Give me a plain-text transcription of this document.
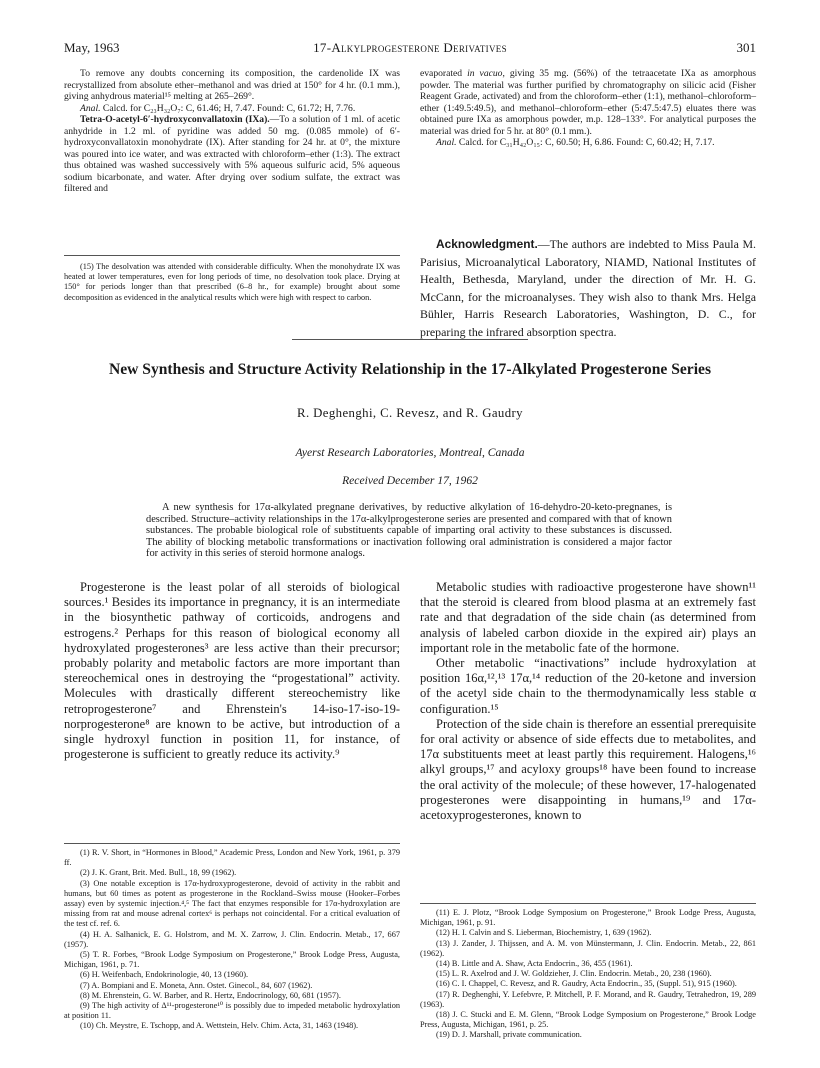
May, 1963	17-Alkylprogesterone Derivatives	301

To remove any doubts concerning its composition, the cardenolide IX was recrystallized from absolute ether–methanol and was dried at 150° for 4 hr. (0.1 mm.), giving anhydrous material¹⁵ melting at 265–269°.

Anal. Calcd. for C₂₃H₃₂O₇: C, 61.46; H, 7.47. Found: C, 61.72; H, 7.76.

Tetra-O-acetyl-6′-hydroxyconvallatoxin (IXa).—To a solution of 1 ml. of acetic anhydride in 1.2 ml. of pyridine was added 50 mg. (0.085 mmole) of 6′-hydroxyconvallatoxin monohydrate (IX). After standing for 24 hr. at 0°, the mixture was poured into ice water, and was extracted with chloroform–ether (1:3). The extract thus obtained was washed successively with 5% aqueous sulfuric acid, 5% aqueous sodium bicarbonate, and water. After drying over sodium sulfate, the extract was filtered and

(15) The desolvation was attended with considerable difficulty. When the monohydrate IX was heated at lower temperatures, even for long periods of time, no desolvation took place. Drying at 150° for periods longer than that prescribed (6–8 hr., for example) brought about some decomposition as evidenced in the analytical results which were high with respect to carbon.

evaporated in vacuo, giving 35 mg. (56%) of the tetraacetate IXa as amorphous powder. The material was further purified by chromatography on silicic acid (Fisher Reagent Grade, activated) and from the chloroform–ether (1:1), methanol–chloroform–ether (1:49.5:49.5), and methanol–chloroform–ether (5:47.5:47.5) eluates there was obtained pure IXa as amorphous powder, m.p. 128–133°. For analytical purposes the material was dried for 5 hr. at 80° (0.1 mm.).

Anal. Calcd. for C₃₁H₄₂O₁₅: C, 60.50; H, 6.86. Found: C, 60.42; H, 7.17.

Acknowledgment.—The authors are indebted to Miss Paula M. Parisius, Microanalytical Laboratory, NIAMD, National Institutes of Health, Bethesda, Maryland, under the direction of Mr. H. G. McCann, for the microanalyses. They wish also to thank Mrs. Helga Bühler, Harris Research Laboratories, Washington, D. C., for preparing the infrared absorption spectra.

New Synthesis and Structure Activity Relationship in the 17-Alkylated Progesterone Series
R. Deghenghi, C. Revesz, and R. Gaudry
Ayerst Research Laboratories, Montreal, Canada
Received December 17, 1962
A new synthesis for 17α-alkylated pregnane derivatives, by reductive alkylation of 16-dehydro-20-keto-pregnanes, is described. Structure–activity relationships in the 17α-alkylprogesterone series are presented and compared with that of known substances. The probable biological role of substituents capable of imparting oral activity to these substances is discussed. The ability of blocking metabolic transformations or inactivation following oral administration is considered a major factor for activity in this series of steroid hormone analogs.

Progesterone is the least polar of all steroids of biological sources.¹ Besides its importance in pregnancy, it is an intermediate in the biosynthetic pathway of corticoids, androgens and estrogens.² Perhaps for this reason of biological economy all hydroxylated progesterones³ are less active than their precursor; probably polarity and metabolic factors are more important than stereochemical ones in destroying the “progestational” activity. Molecules with drastically different stereochemistry like retroprogesterone⁷ and Ehrenstein's 14-iso-17-iso-19-norprogesterone⁸ are known to be active, but introduction of a single hydroxyl function in position 11, for instance, of progesterone is sufficient to greatly reduce its activity.⁹

(1) R. V. Short, in “Hormones in Blood,” Academic Press, London and New York, 1961, p. 379 ff.

(2) J. K. Grant, Brit. Med. Bull., 18, 99 (1962).

(3) One notable exception is 17α-hydroxyprogesterone, devoid of activity in the rabbit and humans, but 60 times as potent as progesterone in the Rockland–Swiss mouse (Hooker–Forbes assay) even by systemic injection.⁴,⁵ The fact that enzymes responsible for 17α-hydroxylation are missing from rat and mouse adrenal cortex⁶ is perhaps not coincidental. For a critical evaluation of the test cf. ref. 6.

(4) H. A. Salhanick, E. G. Holstrom, and M. X. Zarrow, J. Clin. Endocrin. Metab., 17, 667 (1957).

(5) T. R. Forbes, “Brook Lodge Symposium on Progesterone,” Brook Lodge Press, Augusta, Michigan, 1961, p. 71.

(6) H. Weifenbach, Endokrinologie, 40, 13 (1960).

(7) A. Bompiani and E. Moneta, Ann. Ostet. Ginecol., 84, 607 (1962).

(8) M. Ehrenstein, G. W. Barber, and R. Hertz, Endocrinology, 60, 681 (1957).

(9) The high activity of Δ¹¹-progesterone¹⁰ is possibly due to impeded metabolic hydroxylation at position 11.

(10) Ch. Meystre, E. Tschopp, and A. Wettstein, Helv. Chim. Acta, 31, 1463 (1948).

Metabolic studies with radioactive progesterone have shown¹¹ that the steroid is cleared from blood plasma at an extremely fast rate and that degradation of the side chain (as determined from analysis of labeled carbon dioxide in the expired air) plays an important role in the metabolic fate of the hormone.

Other metabolic “inactivations” include hydroxylation at position 16α,¹²,¹³ 17α,¹⁴ reduction of the 20-ketone and inversion of the acetyl side chain to the thermodynamically less stable α configuration.¹⁵

Protection of the side chain is therefore an essential prerequisite for oral activity or absence of side effects due to metabolites, and 17α substituents meet at least partly this requirement. Halogens,¹⁶ alkyl groups,¹⁷ and acyloxy groups¹⁸ have been found to increase the oral activity of the molecule; of these however, 17-halogenated progesterones were disappointing in humans,¹⁹ and 17α-acetoxyprogesterones, known to

(11) E. J. Plotz, “Brook Lodge Symposium on Progesterone,” Brook Lodge Press, Augusta, Michigan, 1961, p. 91.

(12) H. I. Calvin and S. Lieberman, Biochemistry, 1, 639 (1962).

(13) J. Zander, J. Thijssen, and A. M. von Münstermann, J. Clin. Endocrin. Metab., 22, 861 (1962).

(14) B. Little and A. Shaw, Acta Endocrin., 36, 455 (1961).

(15) L. R. Axelrod and J. W. Goldzieher, J. Clin. Endocrin. Metab., 20, 238 (1960).

(16) C. I. Chappel, C. Revesz, and R. Gaudry, Acta Endocrin., 35, (Suppl. 51), 915 (1960).

(17) R. Deghenghi, Y. Lefebvre, P. Mitchell, P. F. Morand, and R. Gaudry, Tetrahedron, 19, 289 (1963).

(18) J. C. Stucki and E. M. Glenn, “Brook Lodge Symposium on Progesterone,” Brook Lodge Press, Augusta, Michigan, 1961, p. 25.

(19) D. J. Marshall, private communication.
